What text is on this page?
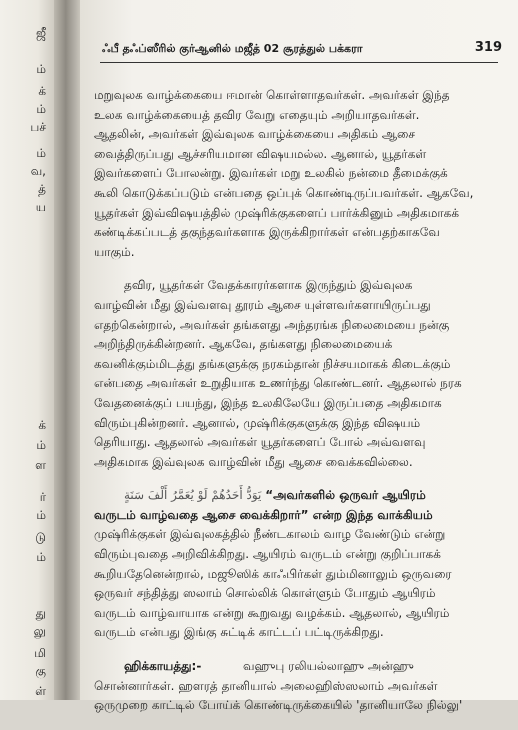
ஜீ
ம்
க்
ம்
பச்
ம்
வ,
த்
ய
க்
ம்
ள
ர்
ம்
டு
ம்
து
லு
மி
கு
ள்
ஃபீ தஃப்ஸீரில் குர்ஆனில் மஜீத் 02 சூரத்துல் பக்கரா	319

மறுவுலக வாழ்க்கையை ஈமான் கொள்ளாதவர்கள். அவர்கள் இந்த
உலக வாழ்க்கையைத் தவிர வேறு எதையும் அறியாதவர்கள்.
ஆதலின், அவர்கள் இவ்வுலக வாழ்க்கையை அதிகம் ஆசை
வைத்திருப்பது ஆச்சரியமான விஷயமல்ல. ஆனால், யூதர்கள்
இவர்களைப் போலன்று. இவர்கள் மறு உலகில் நன்மை தீமைக்குக்
கூலி கொடுக்கப்படும் என்பதை ஒப்புக் கொண்டிருப்பவர்கள். ஆகவே,
யூதர்கள் இவ்விஷயத்தில் முஷ்ரிக்குகளைப் பார்க்கினும் அதிகமாகக்
கண்டிக்கப்படத் தகுந்தவர்களாக இருக்கிறார்கள் என்பதற்காகவே
யாகும்.

தவிர, யூதர்கள் வேதக்காரர்களாக இருந்தும் இவ்வுலக
வாழ்வின் மீது இவ்வளவு தூரம் ஆசை யுள்ளவர்களாயிருப்பது
எதற்கென்றால், அவர்கள் தங்களது அந்தரங்க நிலைமையை நன்கு
அறிந்திருக்கின்றனர். ஆகவே, தங்களது நிலைமையைக்
கவனிக்கும்மிடத்து தங்களுக்கு நரகம்தான் நிச்சயமாகக் கிடைக்கும்
என்பதை அவர்கள் உறுதியாக உணர்ந்து கொண்டனர். ஆதலால் நரக
வேதனைக்குப் பயந்து, இந்த உலகிலேயே இருப்பதை அதிகமாக
விரும்புகின்றனர். ஆனால், முஷ்ரிக்குகளுக்கு இந்த விஷயம்
தெரியாது. ஆதலால் அவர்கள் யூதர்களைப் போல் அவ்வளவு
அதிகமாக இவ்வுலக வாழ்வின் மீது ஆசை வைக்கவில்லை.

يَوَدُّ أَحَدُهُمْ لَوْ يُعَمَّرُ أَلْفَ سَنَةٍ “அவர்களில் ஒருவர் ஆயிரம்
வருடம் வாழ்வதை ஆசை வைக்கிறார்” என்ற இந்த வாக்கியம்
முஷ்ரிக்குகள் இவ்வுலகத்தில் நீண்டகாலம் வாழ வேண்டும் என்று
விரும்புவதை அறிவிக்கிறது. ஆயிரம் வருடம் என்று குறிப்பாகக்
கூறியதேனென்றால், மஜூஸிக் காஃபிர்கள் தும்மினாலும் ஒருவரை
ஒருவர் சந்தித்து ஸலாம் சொல்லிக் கொள்ளும் போதும் ஆயிரம்
வருடம் வாழ்வாயாக என்று கூறுவது வழக்கம். ஆதலால், ஆயிரம்
வருடம் என்பது இங்கு சுட்டிக் காட்டப் பட்டிருக்கிறது.

ஹிக்காயத்து:-	வஹுபு ரலியல்லாஹு அன்ஹு
சொன்னார்கள். ஹளரத் தானியால் அலைஹிஸ்ஸலாம் அவர்கள்
ஒருமுறை காட்டில் போய்க் கொண்டிருக்கையில் 'தானியாலே நில்லு'
